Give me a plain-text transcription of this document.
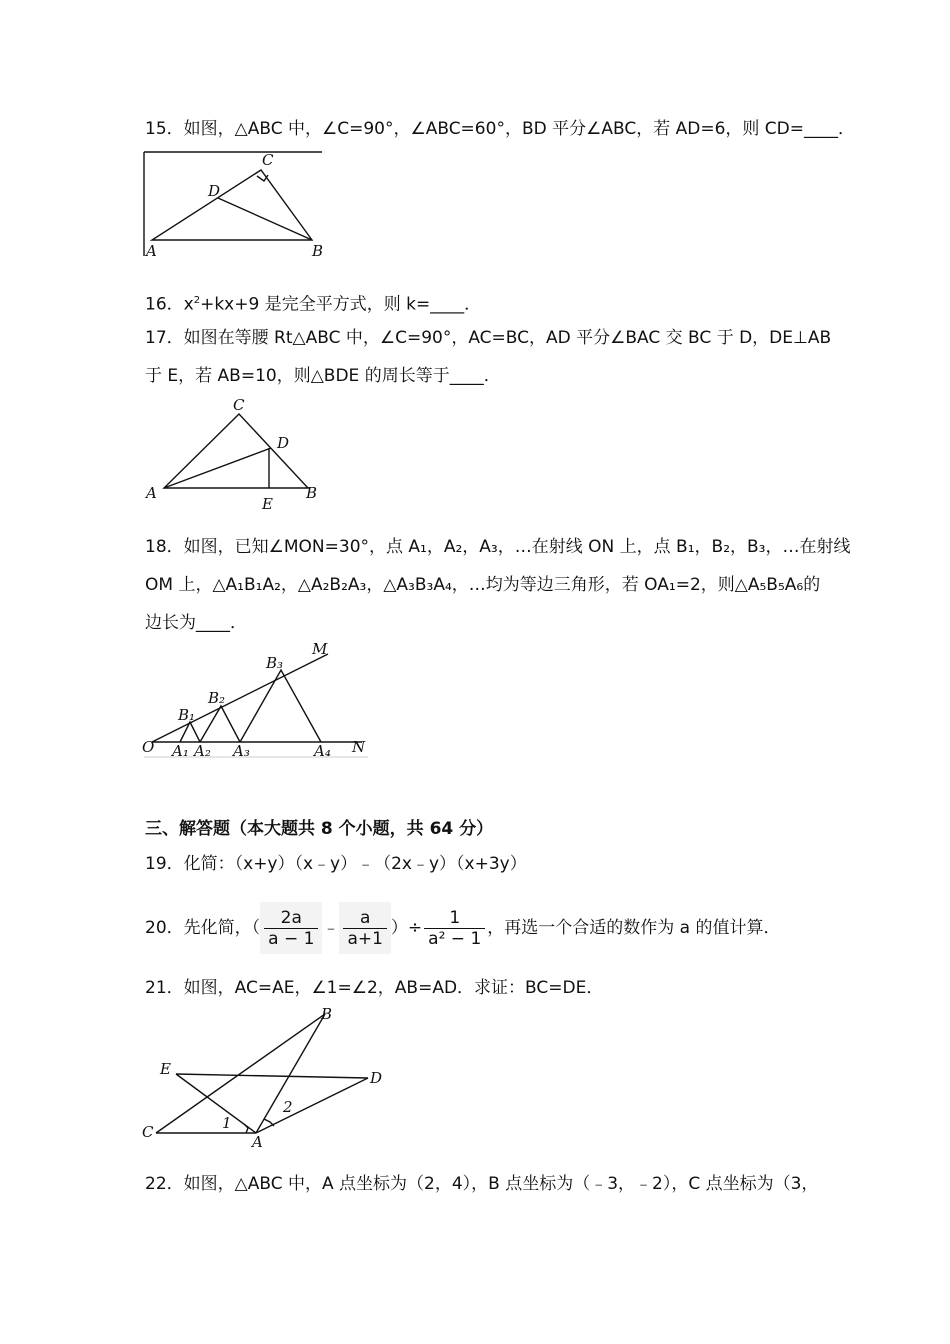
15．如图，△ABC 中，∠C=90°，∠ABC=60°，BD 平分∠ABC，若 AD=6，则 CD=____．
A	B
C
D
16．$x^2+kx+9$ 是完全平方式，则 k=____．
17．如图在等腰 Rt△ABC 中，∠C=90°，AC=BC，AD 平分∠BAC 交 BC 于 D，DE⊥AB
于 E，若 AB=10，则△BDE 的周长等于____．
A	B
C
D
E
18．如图，已知∠MON=30°，点 A₁，A₂，A₃，…在射线 ON 上，点 B₁，B₂，B₃，…在射线
OM 上，△A₁B₁A₂，△A₂B₂A₃，△A₃B₃A₄，…均为等边三角形，若 OA₁=2，则△A₅B₅A₆的
边长为____．
O
M
N
A₁ A₂ A₃	A₄
B₁
B₂
B₃
三、解答题（本大题共 8 个小题，共 64 分）
19．化简：（x+y）（x﹣y）﹣（2x﹣y）（x+3y）
20．先化简，（ $\frac{2a}{a - 1}$ ﹣ $\frac{a}{a+1}$ ）÷ $\frac{1}{\text{a² − 1}}$ ，再选一个合适的数作为 a 的值计算．
21．如图，AC=AE，∠1=∠2，AB=AD．求证：BC=DE．
C
A
B
D
E
1
2
22．如图，△ABC 中，A 点坐标为（2，4），B 点坐标为（﹣3，﹣2），C 点坐标为（3，
